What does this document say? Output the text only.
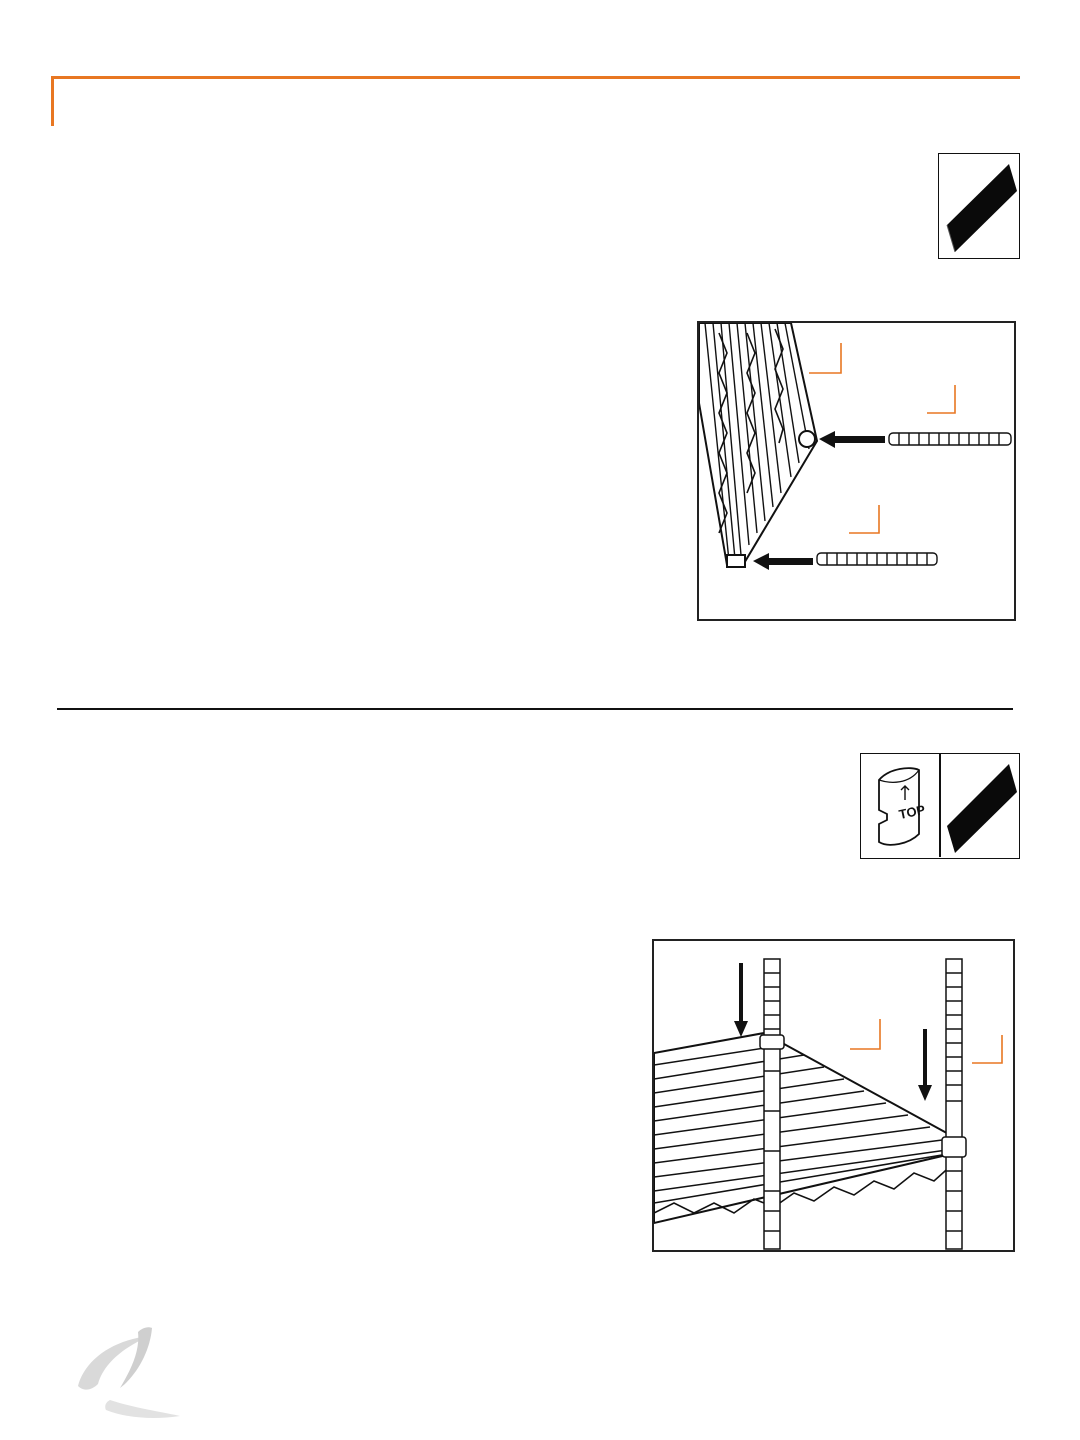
TOP
